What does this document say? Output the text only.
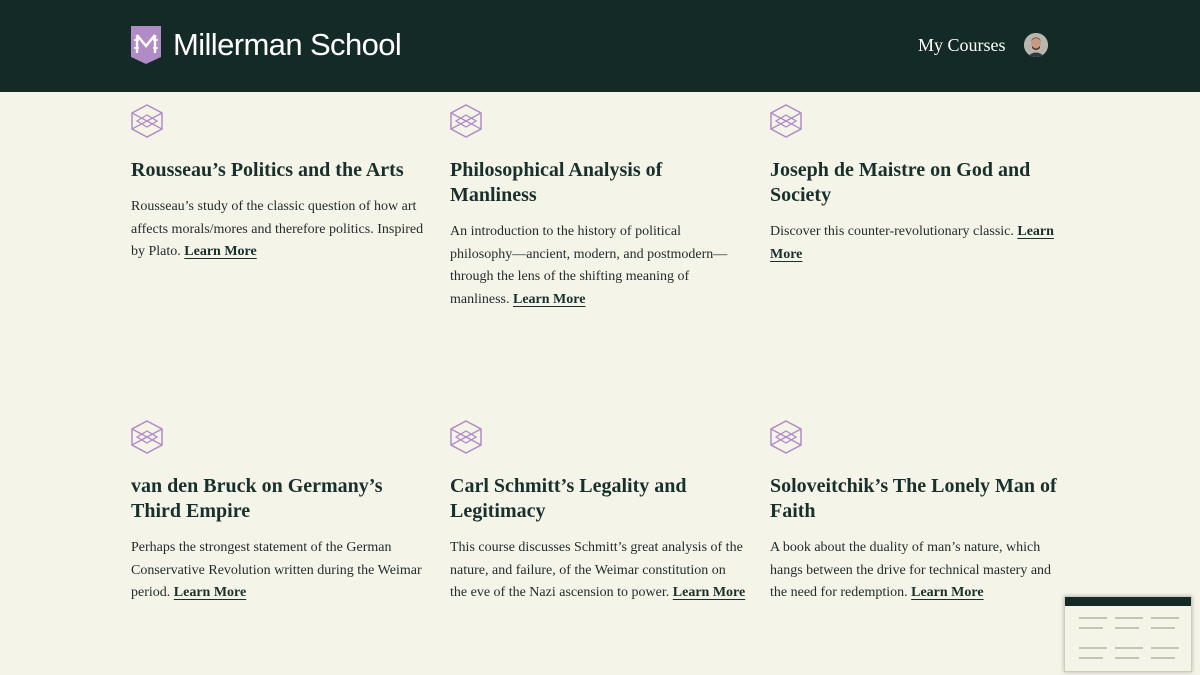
Millerman School	My Courses
Rousseau’s Politics and the Arts

Rousseau’s study of the classic question of how art affects morals/mores and therefore politics. Inspired by Plato. Learn More

Philosophical Analysis of Manliness

An introduction to the history of political philosophy—ancient, modern, and postmodern—through the lens of the shifting meaning of manliness. Learn More

Joseph de Maistre on God and Society

Discover this counter-revolutionary classic. Learn More

van den Bruck on Germany’s Third Empire

Perhaps the strongest statement of the German Conservative Revolution written during the Weimar period. Learn More

Carl Schmitt’s Legality and Legitimacy

This course discusses Schmitt’s great analysis of the nature, and failure, of the Weimar constitution on the eve of the Nazi ascension to power. Learn More

Soloveitchik’s The Lonely Man of Faith

A book about the duality of man’s nature, which hangs between the drive for technical mastery and the need for redemption. Learn More
